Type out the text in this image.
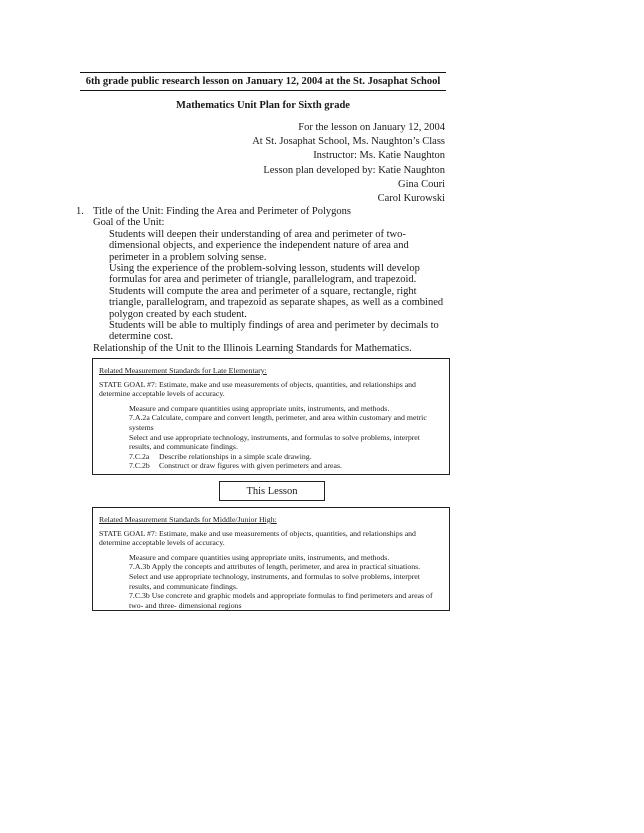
6th grade public research lesson on January 12, 2004 at the St. Josaphat School
Mathematics Unit Plan for Sixth grade
For the lesson on January 12, 2004
At St. Josaphat School, Ms. Naughton’s Class
Instructor: Ms. Katie Naughton
Lesson plan developed by: Katie Naughton
Gina Couri
Carol Kurowski
1. Title of the Unit: Finding the Area and Perimeter of Polygons
Goal of the Unit:
Students will deepen their understanding of area and perimeter of two-dimensional objects, and experience the independent nature of area and perimeter in a problem solving sense.
Using the experience of the problem-solving lesson, students will develop formulas for area and perimeter of triangle, parallelogram, and trapezoid.
Students will compute the area and perimeter of a square, rectangle, right triangle, parallelogram, and trapezoid as separate shapes, as well as a combined polygon created by each student.
Students will be able to multiply findings of area and perimeter by decimals to determine cost.
Relationship of the Unit to the Illinois Learning Standards for Mathematics.
Related Measurement Standards for Late Elementary:
STATE GOAL #7: Estimate, make and use measurements of objects, quantities, and relationships and determine acceptable levels of accuracy.
Measure and compare quantities using appropriate units, instruments, and methods.
7.A.2a Calculate, compare and convert length, perimeter, and area within customary and metric systems
Select and use appropriate technology, instruments, and formulas to solve problems, interpret results, and communicate findings.
7.C.2a	Describe relationships in a simple scale drawing.
7.C.2b	Construct or draw figures with given perimeters and areas.
This Lesson
Related Measurement Standards for Middle/Junior High:
STATE GOAL #7: Estimate, make and use measurements of objects, quantities, and relationships and determine acceptable levels of accuracy.
Measure and compare quantities using appropriate units, instruments, and methods.
7.A.3b Apply the concepts and attributes of length, perimeter, and area in practical situations.
Select and use appropriate technology, instruments, and formulas to solve problems, interpret results, and communicate findings.
7.C.3b Use concrete and graphic models and appropriate formulas to find perimeters and areas of two- and three- dimensional regions
